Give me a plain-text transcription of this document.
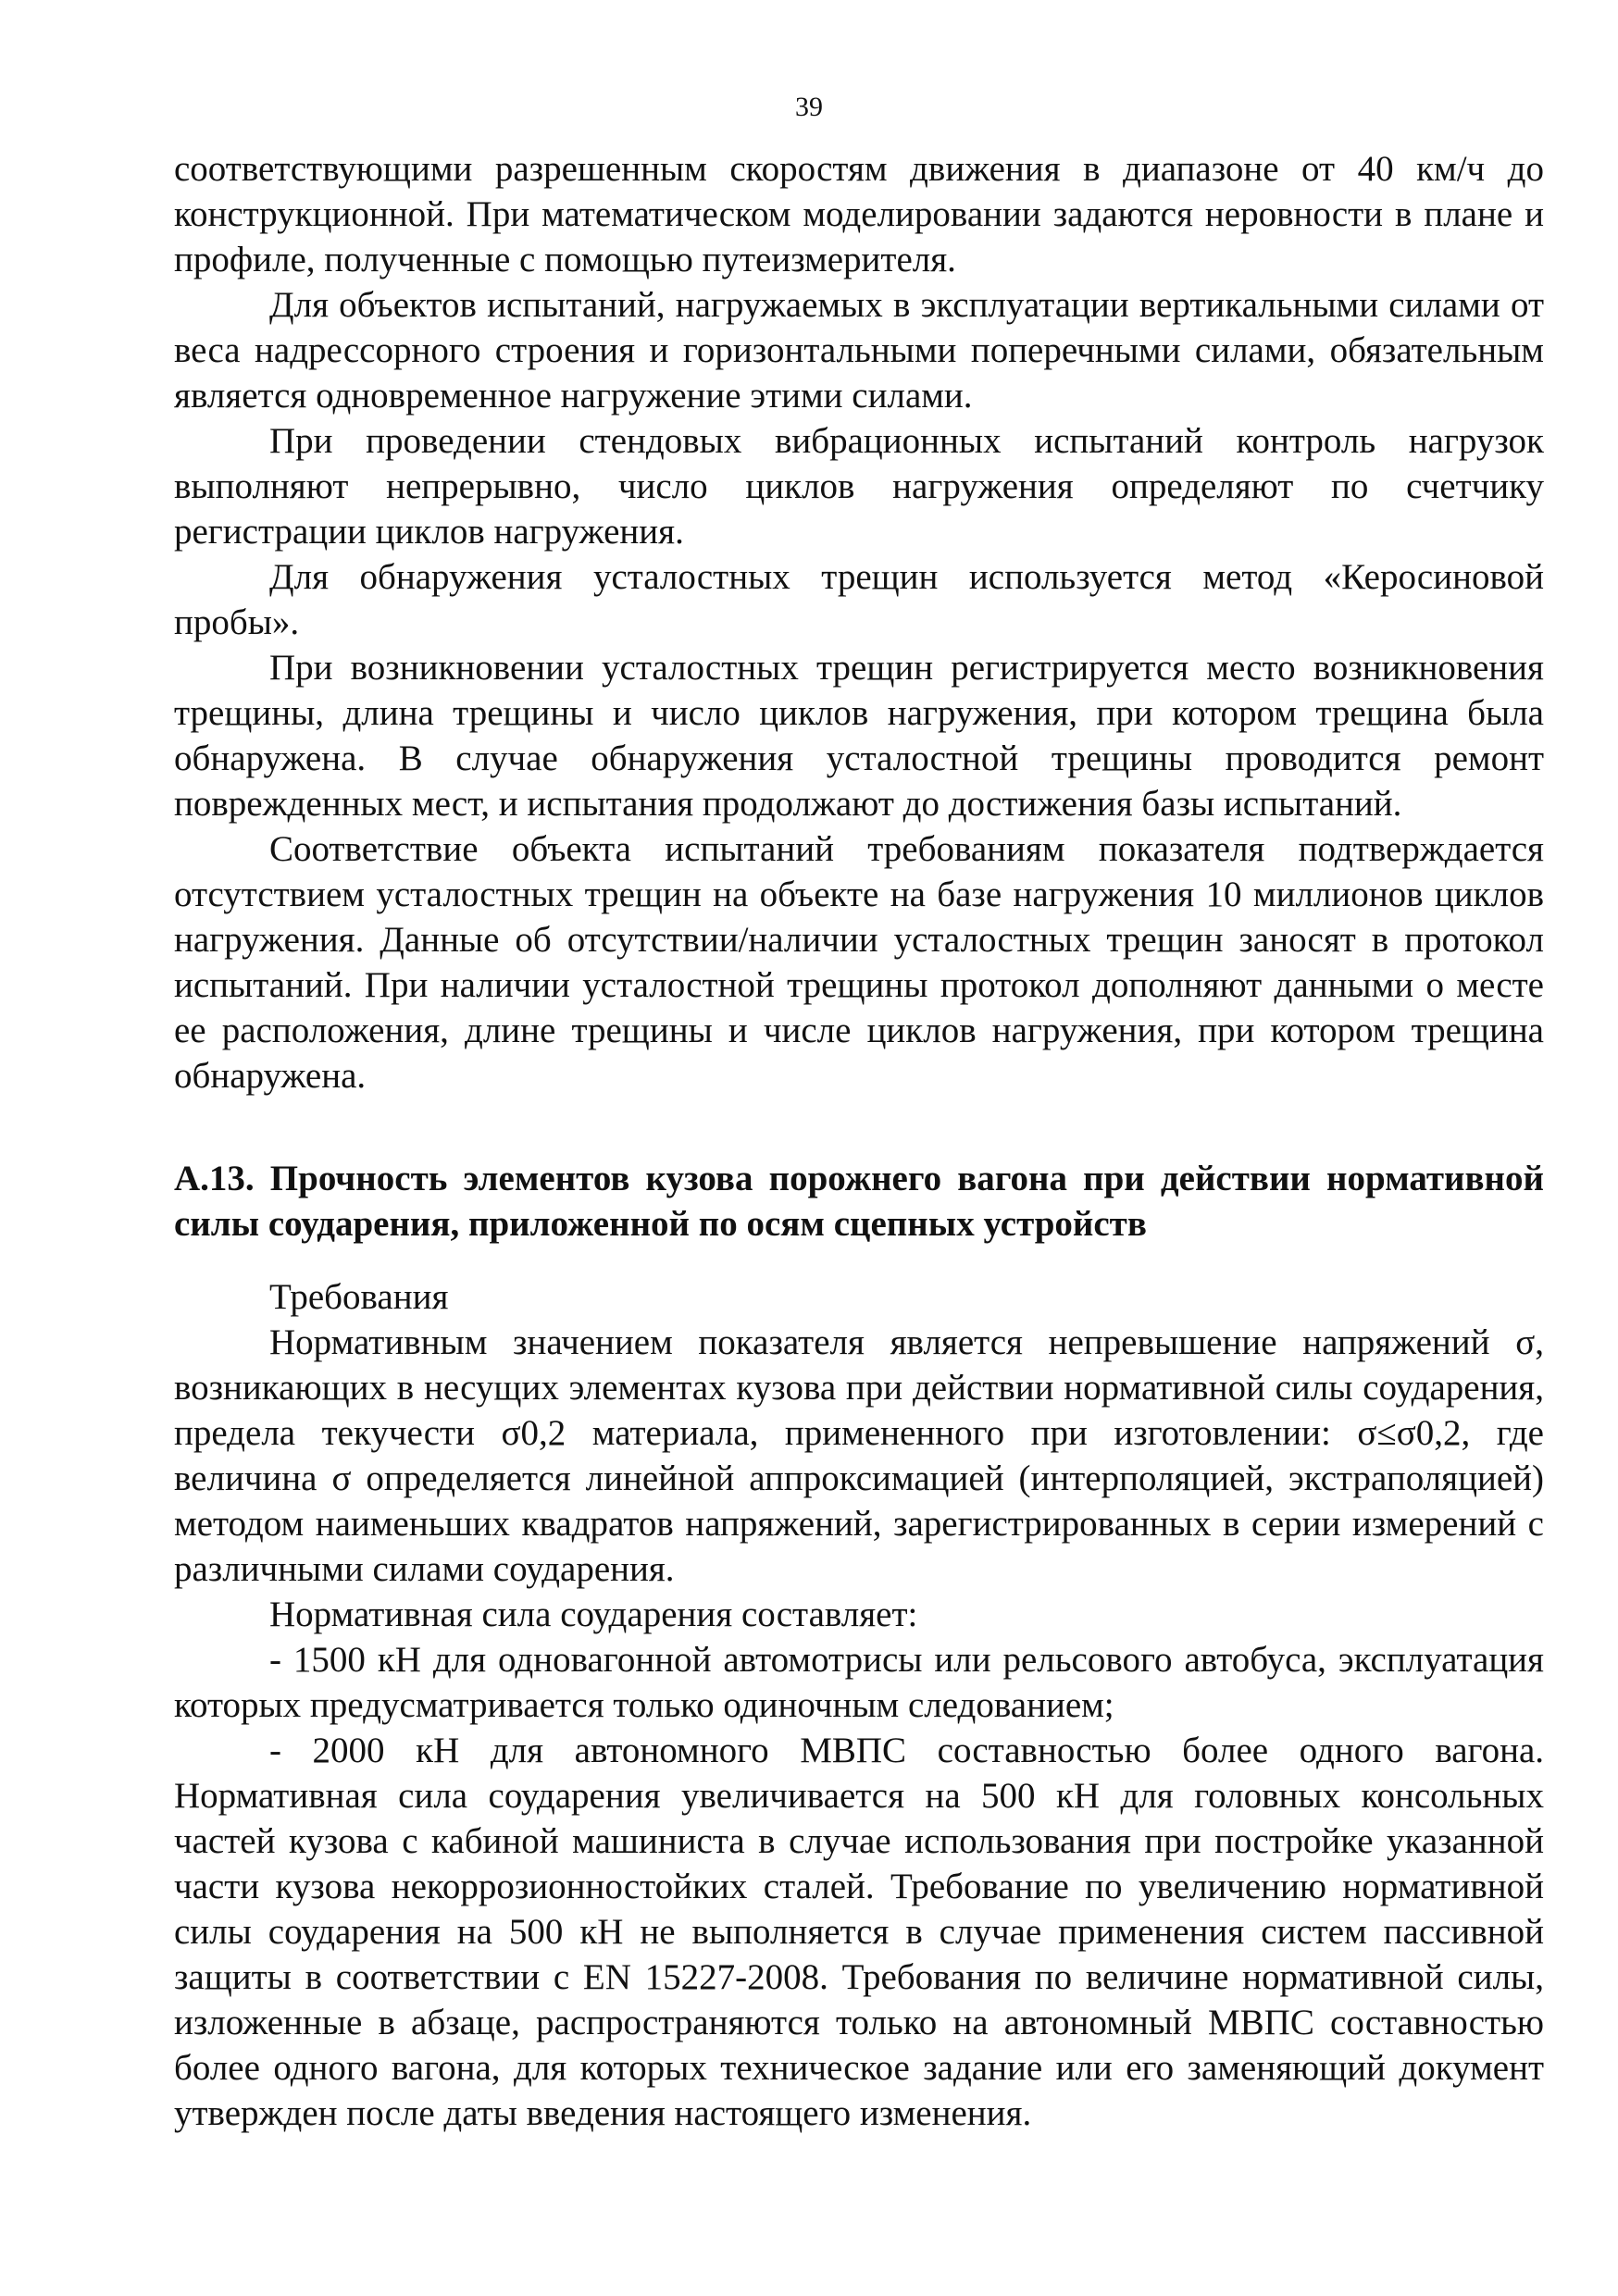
39

соответствующими разрешенным скоростям движения в диапазоне от 40 км/ч до конструкционной. При математическом моделировании задаются неровности в плане и профиле, полученные с помощью путеизмерителя.

Для объектов испытаний, нагружаемых в эксплуатации вертикальными силами от веса надрессорного строения и горизонтальными поперечными силами, обязательным является одновременное нагружение этими силами.

При проведении стендовых вибрационных испытаний контроль нагрузок выполняют непрерывно, число циклов нагружения определяют по счетчику регистрации циклов нагружения.

Для обнаружения усталостных трещин используется метод «Керосиновой пробы».

При возникновении усталостных трещин регистрируется место возникновения трещины, длина трещины и число циклов нагружения, при котором трещина была обнаружена. В случае обнаружения усталостной трещины проводится ремонт поврежденных мест, и испытания продолжают до достижения базы испытаний.

Соответствие объекта испытаний требованиям показателя подтверждается отсутствием усталостных трещин на объекте на базе нагружения 10 миллионов циклов нагружения. Данные об отсутствии/наличии усталостных трещин заносят в протокол испытаний. При наличии усталостной трещины протокол дополняют данными о месте ее расположения, длине трещины и числе циклов нагружения, при котором трещина обнаружена.

А.13. Прочность элементов кузова порожнего вагона при действии нормативной силы соударения, приложенной по осям сцепных устройств

Требования

Нормативным значением показателя является непревышение напряжений σ, возникающих в несущих элементах кузова при действии нормативной силы соударения, предела текучести σ0,2 материала, примененного при изготовлении: σ≤σ0,2, где величина σ определяется линейной аппроксимацией (интерполяцией, экстраполяцией) методом наименьших квадратов напряжений, зарегистрированных в серии измерений с различными силами соударения.

Нормативная сила соударения составляет:

- 1500 кН для одновагонной автомотрисы или рельсового автобуса, эксплуатация которых предусматривается только одиночным следованием;

- 2000 кН для автономного МВПС составностью более одного вагона. Нормативная сила соударения увеличивается на 500 кН для головных консольных частей кузова с кабиной машиниста в случае использования при постройке указанной части кузова некоррозионностойких сталей. Требование по увеличению нормативной силы соударения на 500 кН не выполняется в случае применения систем пассивной защиты в соответствии с EN 15227-2008. Требования по величине нормативной силы, изложенные в абзаце, распространяются только на автономный МВПС составностью более одного вагона, для которых техническое задание или его заменяющий документ утвержден после даты введения настоящего изменения.
